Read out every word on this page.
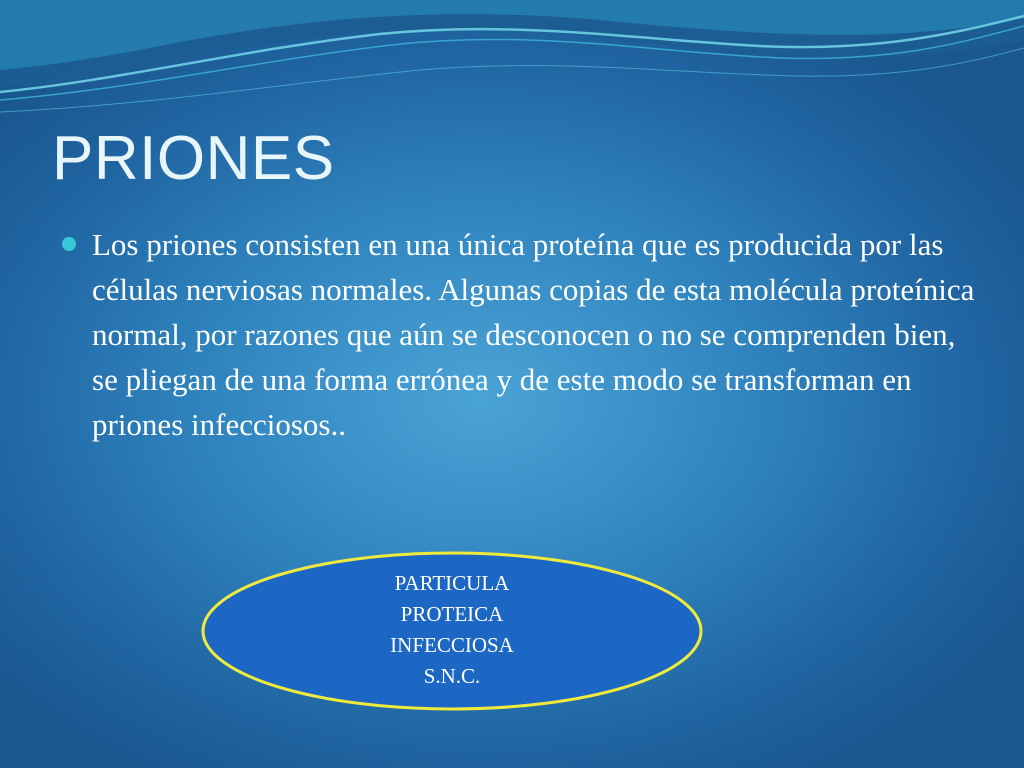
PRIONES

Los priones consisten en una única proteína que es producida por las células nerviosas normales. Algunas copias de esta molécula proteínica normal, por razones que aún se desconocen o no se comprenden bien, se pliegan de una forma errónea y de este modo se transforman en priones infecciosos..

PARTICULA
PROTEICA
INFECCIOSA
S.N.C.
